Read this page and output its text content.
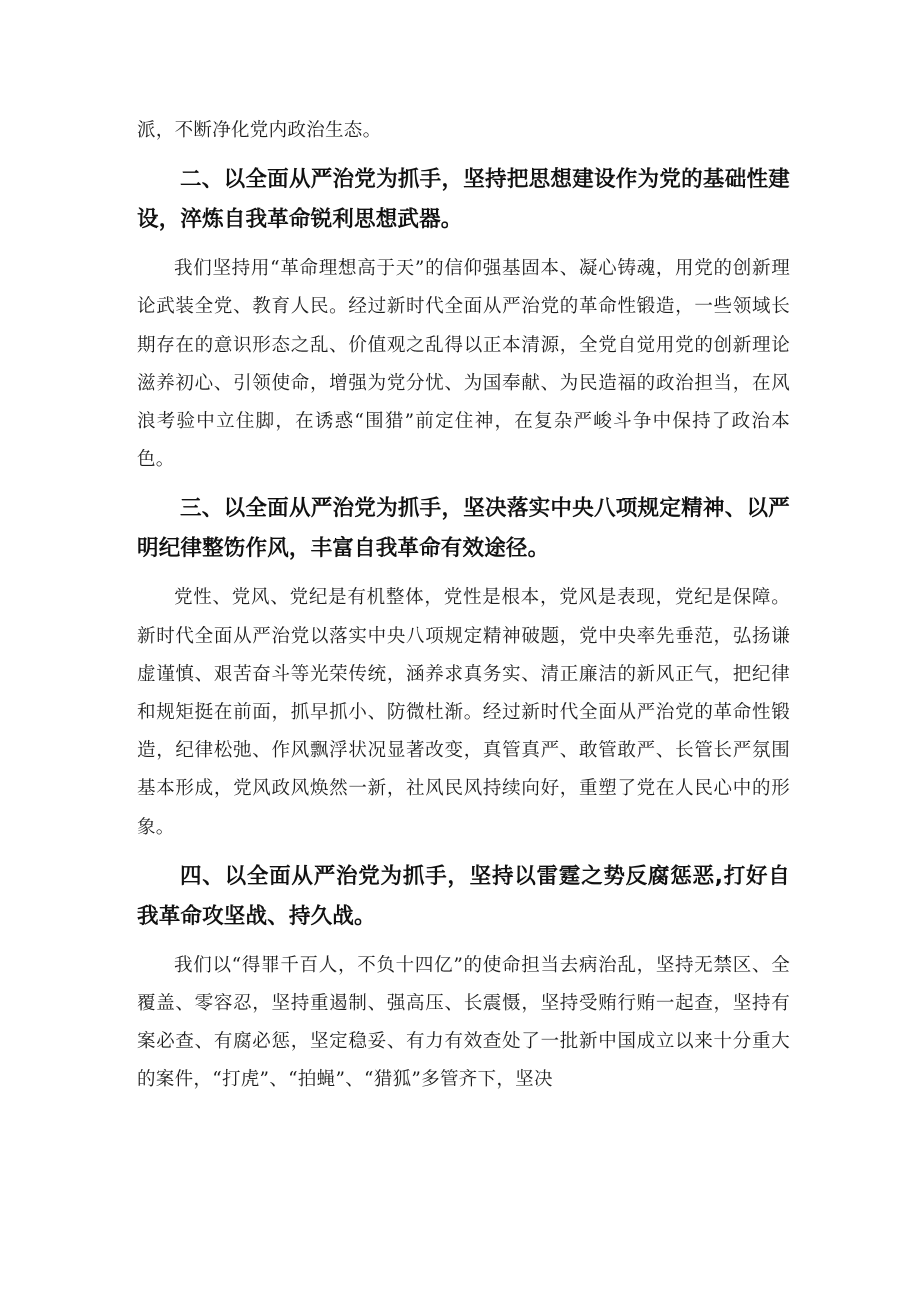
派，不断净化党内政治生态。

二、以全面从严治党为抓手，坚持把思想建设作为党的基础性建设，淬炼自我革命锐利思想武器。

我们坚持用“革命理想高于天”的信仰强基固本、凝心铸魂，用党的创新理论武装全党、教育人民。经过新时代全面从严治党的革命性锻造，一些领域长期存在的意识形态之乱、价值观之乱得以正本清源，全党自觉用党的创新理论滋养初心、引领使命，增强为党分忧、为国奉献、为民造福的政治担当，在风浪考验中立住脚，在诱惑“围猎”前定住神，在复杂严峻斗争中保持了政治本色。

三、以全面从严治党为抓手，坚决落实中央八项规定精神、以严明纪律整饬作风，丰富自我革命有效途径。

党性、党风、党纪是有机整体，党性是根本，党风是表现，党纪是保障。新时代全面从严治党以落实中央八项规定精神破题，党中央率先垂范，弘扬谦虚谨慎、艰苦奋斗等光荣传统，涵养求真务实、清正廉洁的新风正气，把纪律和规矩挺在前面，抓早抓小、防微杜渐。经过新时代全面从严治党的革命性锻造，纪律松弛、作风飘浮状况显著改变，真管真严、敢管敢严、长管长严氛围基本形成，党风政风焕然一新，社风民风持续向好，重塑了党在人民心中的形象。

四、以全面从严治党为抓手，坚持以雷霆之势反腐惩恶,打好自我革命攻坚战、持久战。

我们以“得罪千百人，不负十四亿”的使命担当去病治乱，坚持无禁区、全覆盖、零容忍，坚持重遏制、强高压、长震慑，坚持受贿行贿一起查，坚持有案必查、有腐必惩，坚定稳妥、有力有效查处了一批新中国成立以来十分重大的案件，“打虎”、“拍蝇”、“猎狐”多管齐下，坚决
